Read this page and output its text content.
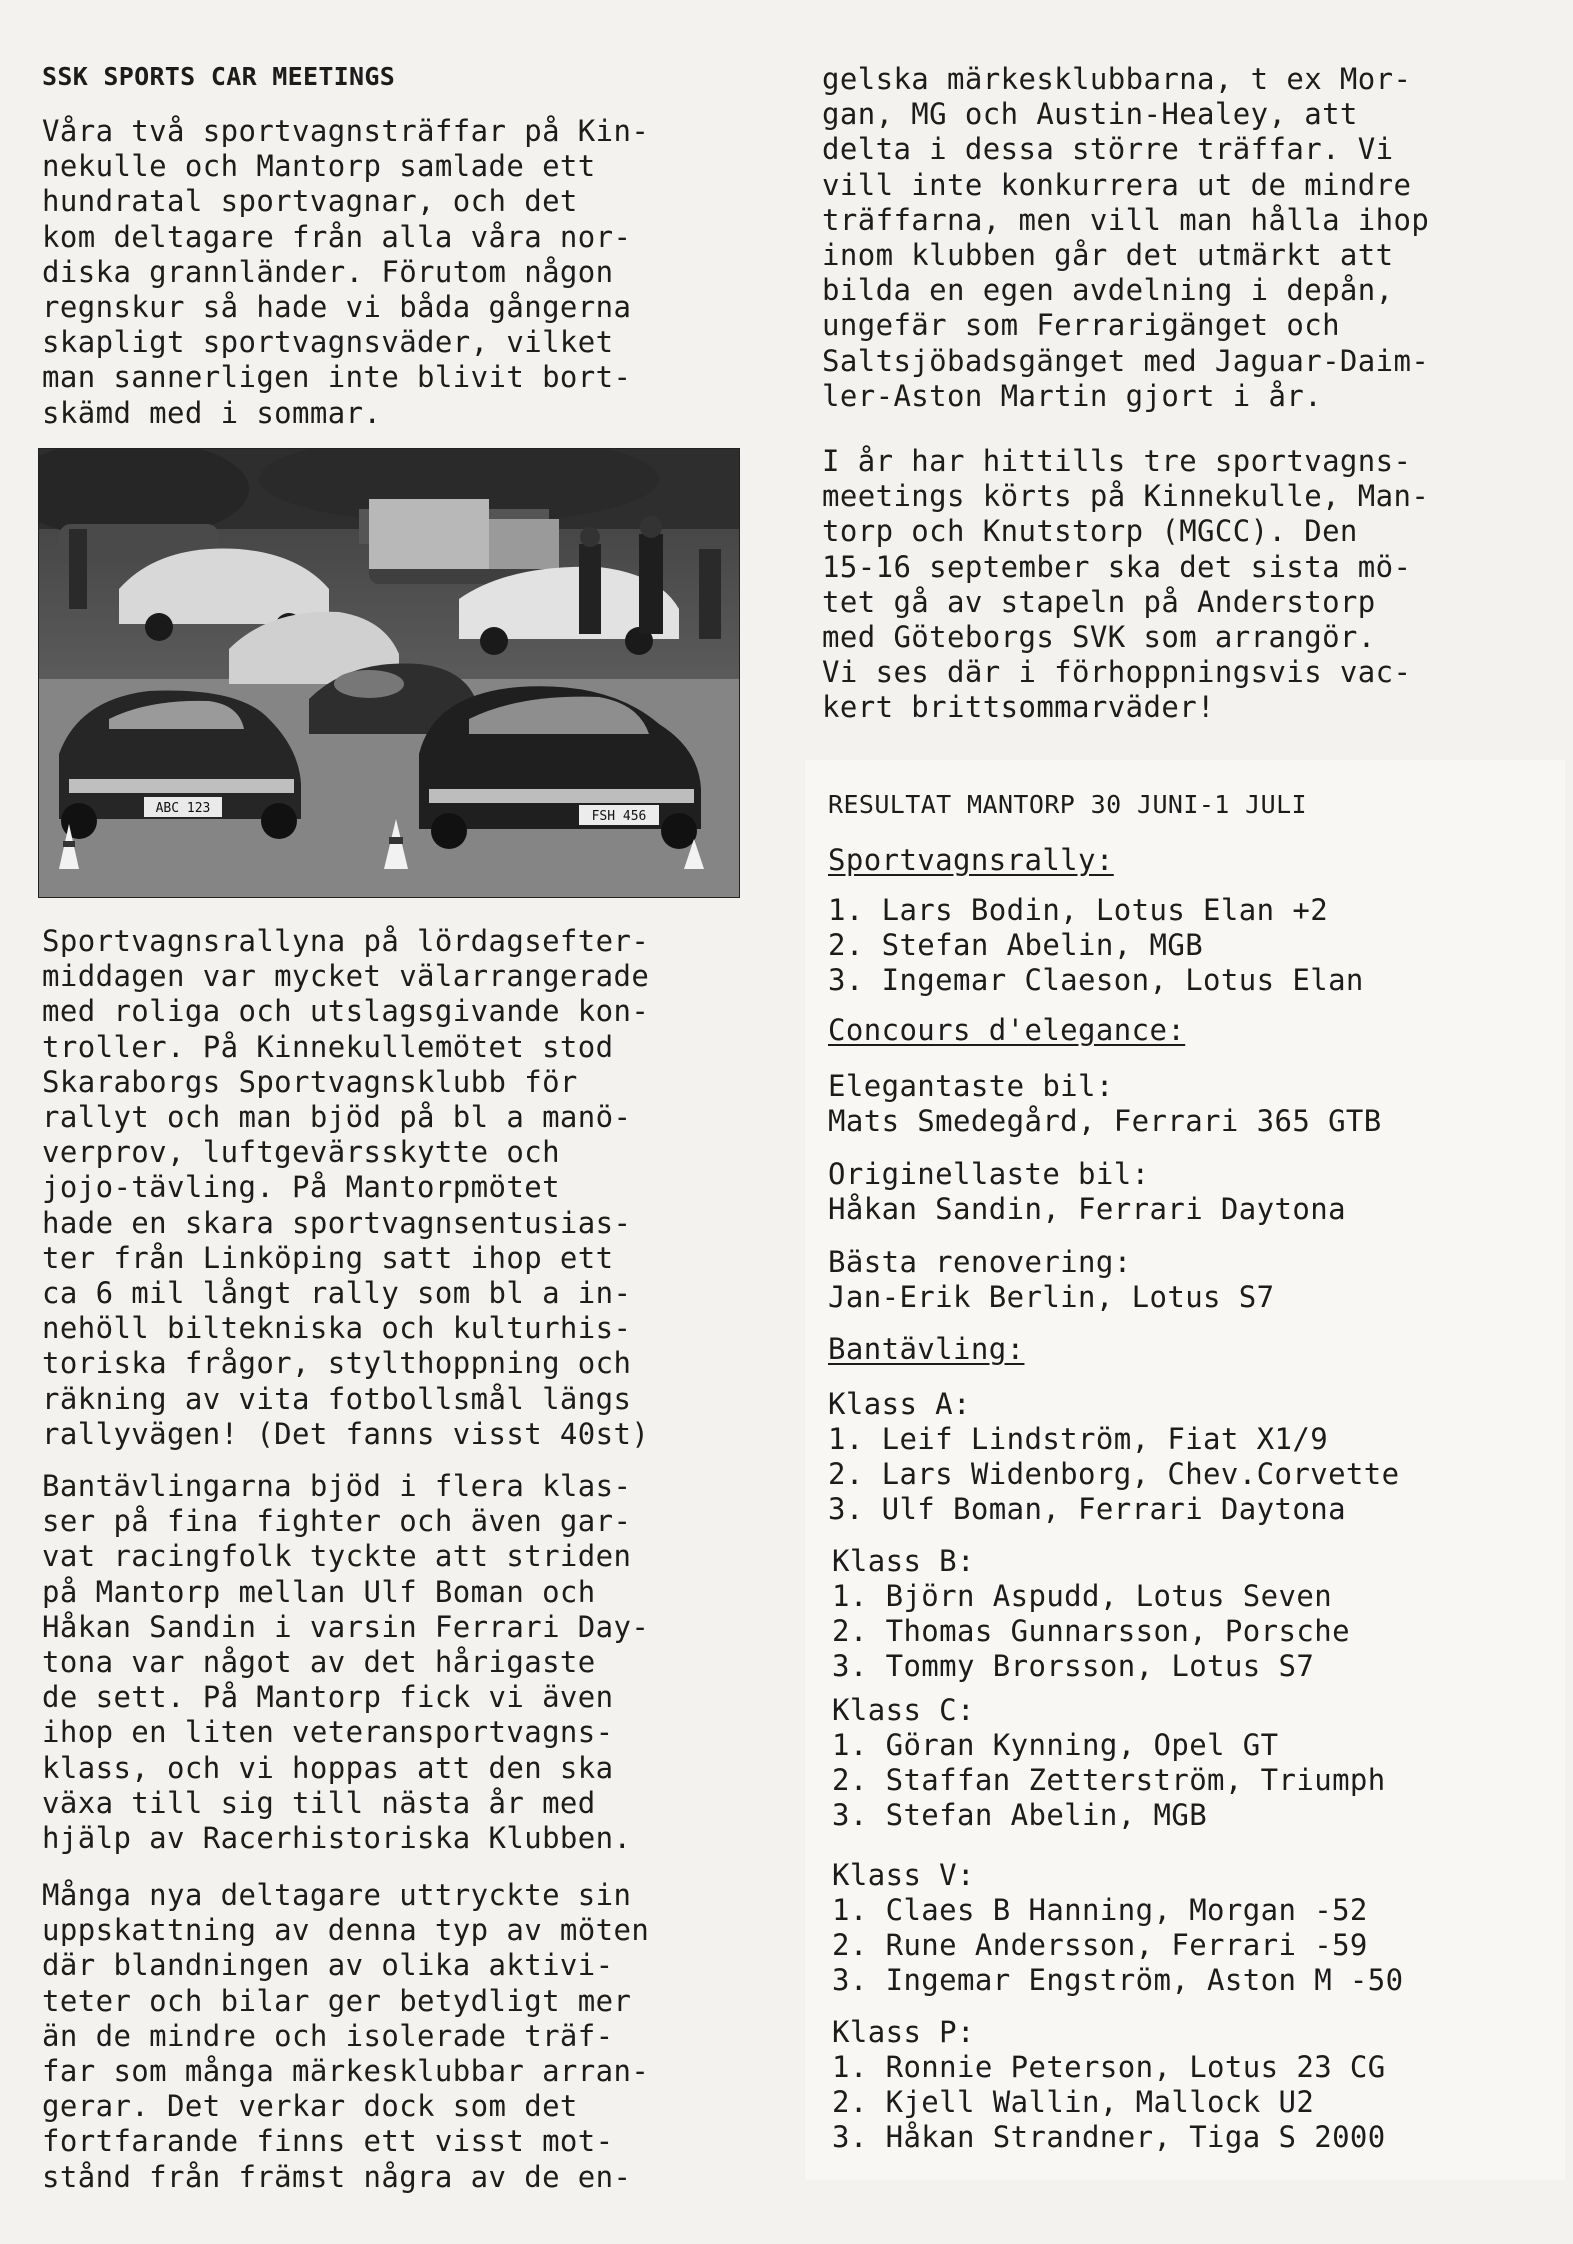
SSK SPORTS CAR MEETINGS

Våra två sportvagnsträffar på Kin-
nekulle och Mantorp samlade ett
hundratal sportvagnar, och det
kom deltagare från alla våra nor-
diska grannländer. Förutom någon
regnskur så hade vi båda gångerna
skapligt sportvagnsväder, vilket
man sannerligen inte blivit bort-
skämd med i sommar.

Sportvagnsrallyna på lördagsefter-
middagen var mycket välarrangerade
med roliga och utslagsgivande kon-
troller. På Kinnekullemötet stod
Skaraborgs Sportvagnsklubb för
rallyt och man bjöd på bl a manö-
verprov, luftgevärsskytte och
jojo-tävling. På Mantorpmötet
hade en skara sportvagnsentusias-
ter från Linköping satt ihop ett
ca 6 mil långt rally som bl a in-
nehöll biltekniska och kulturhis-
toriska frågor, stylthoppning och
räkning av vita fotbollsmål längs
rallyvägen! (Det fanns visst 40st)

Bantävlingarna bjöd i flera klas-
ser på fina fighter och även gar-
vat racingfolk tyckte att striden
på Mantorp mellan Ulf Boman och
Håkan Sandin i varsin Ferrari Day-
tona var något av det hårigaste
de sett. På Mantorp fick vi även
ihop en liten veteransportvagns-
klass, och vi hoppas att den ska
växa till sig till nästa år med
hjälp av Racerhistoriska Klubben.

Många nya deltagare uttryckte sin
uppskattning av denna typ av möten
där blandningen av olika aktivi-
teter och bilar ger betydligt mer
än de mindre och isolerade träf-
far som många märkesklubbar arran-
gerar. Det verkar dock som det
fortfarande finns ett visst mot-
stånd från främst några av de en-

ABC 123
FSH 456

gelska märkesklubbarna, t ex Mor-
gan, MG och Austin-Healey, att
delta i dessa större träffar. Vi
vill inte konkurrera ut de mindre
träffarna, men vill man hålla ihop
inom klubben går det utmärkt att
bilda en egen avdelning i depån,
ungefär som Ferrarigänget och
Saltsjöbadsgänget med Jaguar-Daim-
ler-Aston Martin gjort i år.

I år har hittills tre sportvagns-
meetings körts på Kinnekulle, Man-
torp och Knutstorp (MGCC). Den
15-16 september ska det sista mö-
tet gå av stapeln på Anderstorp
med Göteborgs SVK som arrangör.
Vi ses där i förhoppningsvis vac-
kert brittsommarväder!

RESULTAT MANTORP 30 JUNI-1 JULI
Sportvagnsrally:
1. Lars Bodin, Lotus Elan +2
2. Stefan Abelin, MGB
3. Ingemar Claeson, Lotus Elan
Concours d'elegance:
Elegantaste bil:
Mats Smedegård, Ferrari 365 GTB
Originellaste bil:
Håkan Sandin, Ferrari Daytona
Bästa renovering:
Jan-Erik Berlin, Lotus S7
Bantävling:
Klass A:
1. Leif Lindström, Fiat X1/9
2. Lars Widenborg, Chev.Corvette
3. Ulf Boman, Ferrari Daytona
Klass B:
1. Björn Aspudd, Lotus Seven
2. Thomas Gunnarsson, Porsche
3. Tommy Brorsson, Lotus S7
Klass C:
1. Göran Kynning, Opel GT
2. Staffan Zetterström, Triumph
3. Stefan Abelin, MGB
Klass V:
1. Claes B Hanning, Morgan -52
2. Rune Andersson, Ferrari -59
3. Ingemar Engström, Aston M -50
Klass P:
1. Ronnie Peterson, Lotus 23 CG
2. Kjell Wallin, Mallock U2
3. Håkan Strandner, Tiga S 2000
